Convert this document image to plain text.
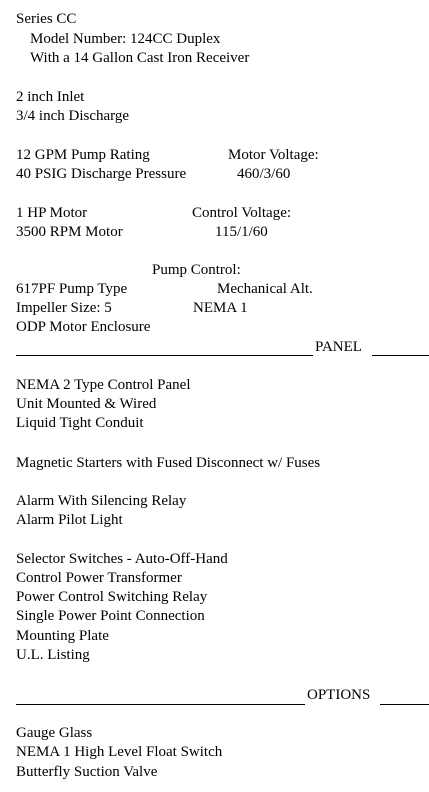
Series CC
Model Number: 124CC Duplex
With a 14 Gallon Cast Iron Receiver
2 inch Inlet
3/4 inch Discharge
12 GPM Pump Rating	Motor Voltage:
40 PSIG Discharge Pressure	460/3/60
1 HP Motor	Control Voltage:
3500 RPM Motor	115/1/60
Pump Control:
617PF Pump Type	Mechanical Alt.
Impeller Size: 5	NEMA 1
ODP Motor Enclosure
PANEL
NEMA 2 Type Control Panel
Unit Mounted & Wired
Liquid Tight Conduit
Magnetic Starters with Fused Disconnect w/ Fuses
Alarm With Silencing Relay
Alarm Pilot Light
Selector Switches - Auto-Off-Hand
Control Power Transformer
Power Control Switching Relay
Single Power Point Connection
Mounting Plate
U.L. Listing
OPTIONS
Gauge Glass
NEMA 1 High Level Float Switch
Butterfly Suction Valve
